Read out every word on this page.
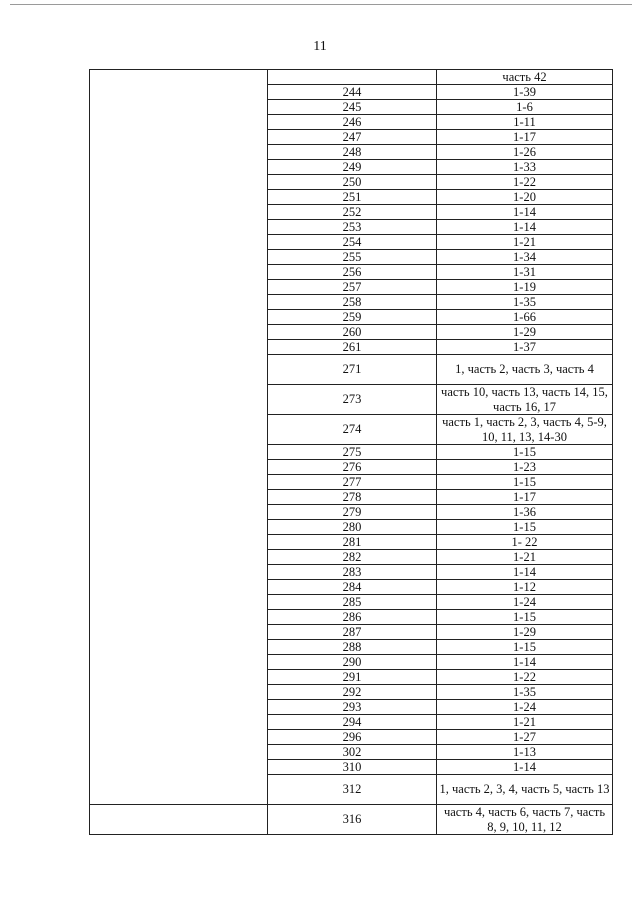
11
		часть 42
	244	1-39
	245	1-6
	246	1-11
	247	1-17
	248	1-26
	249	1-33
	250	1-22
	251	1-20
	252	1-14
	253	1-14
	254	1-21
	255	1-34
	256	1-31
	257	1-19
	258	1-35
	259	1-66
	260	1-29
	261	1-37
	271	1, часть 2, часть 3, часть 4
	273	часть 10, часть 13, часть 14, 15, часть 16, 17
	274	часть 1, часть 2, 3, часть 4, 5-9, 10, 11, 13, 14-30
	275	1-15
	276	1-23
	277	1-15
	278	1-17
	279	1-36
	280	1-15
	281	1- 22
	282	1-21
	283	1-14
	284	1-12
	285	1-24
	286	1-15
	287	1-29
	288	1-15
	290	1-14
	291	1-22
	292	1-35
	293	1-24
	294	1-21
	296	1-27
	302	1-13
	310	1-14
	312	1, часть 2, 3, 4, часть 5, часть 13
	316	часть 4, часть 6, часть 7, часть 8, 9, 10, 11, 12
